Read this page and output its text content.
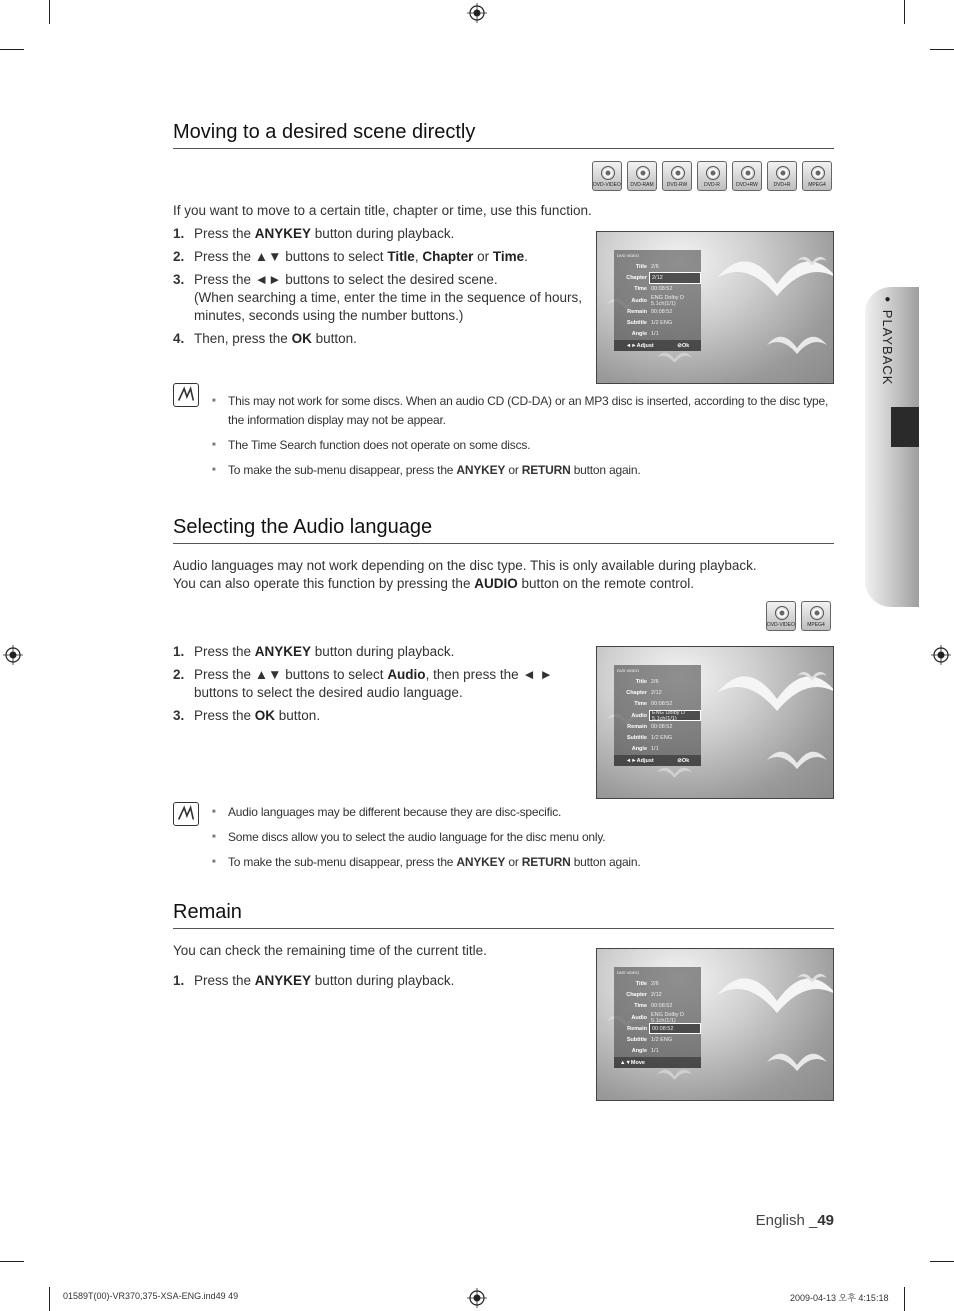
● PLAYBACK
Moving to a desired scene directly
DVD-VIDEO	DVD-RAM	DVD-RW	DVD-R	DVD+RW	DVD+R	MPEG4
If you want to move to a certain title, chapter or time, use this function.
1. Press the ANYKEY button during playback.
2. Press the ▲▼ buttons to select Title, Chapter or Time.
3. Press the ◄► buttons to select the desired scene.
(When searching a time, enter the time in the sequence of hours,
minutes, seconds using the number buttons.)
4. Then, press the OK button.
DVD VIDEO
Title 2/6
Chapter 2/12
Time 00:08:52
Audio ENG Dolby D 5.1ch(1/1)
Remain 00:08:52
Subtitle 1/2 ENG
Angle 1/1
◄►Adjust	⊘Ok
■ This may not work for some discs. When an audio CD (CD-DA) or an MP3 disc is inserted, according to the disc type, the information display may not be appear.
■ The Time Search function does not operate on some discs.
■ To make the sub-menu disappear, press the ANYKEY or RETURN button again.
Selecting the Audio language
Audio languages may not work depending on the disc type. This is only available during playback.
You can also operate this function by pressing the AUDIO button on the remote control.
DVD-VIDEO	MPEG4
1. Press the ANYKEY button during playback.
2. Press the ▲▼ buttons to select Audio, then press the ◄ ►
buttons to select the desired audio language.
3. Press the OK button.
DVD VIDEO
Title 2/6
Chapter 2/12
Time 00:08:52
Audio ENG Dolby D 5.1ch(1/1)
Remain 00:08:52
Subtitle 1/2 ENG
Angle 1/1
◄►Adjust	⊘Ok
■ Audio languages may be different because they are disc-specific.
■ Some discs allow you to select the audio language for the disc menu only.
■ To make the sub-menu disappear, press the ANYKEY or RETURN button again.
Remain
You can check the remaining time of the current title.
1. Press the ANYKEY button during playback.
DVD VIDEO
Title 2/6
Chapter 2/12
Time 00:08:52
Audio ENG Dolby D 5.1ch(1/1)
Remain 00:08:52
Subtitle 1/2 ENG
Angle 1/1
▲▼Move
English _49
01589T(00)-VR370,375-XSA-ENG.ind49 49	2009-04-13 오후 4:15:18
